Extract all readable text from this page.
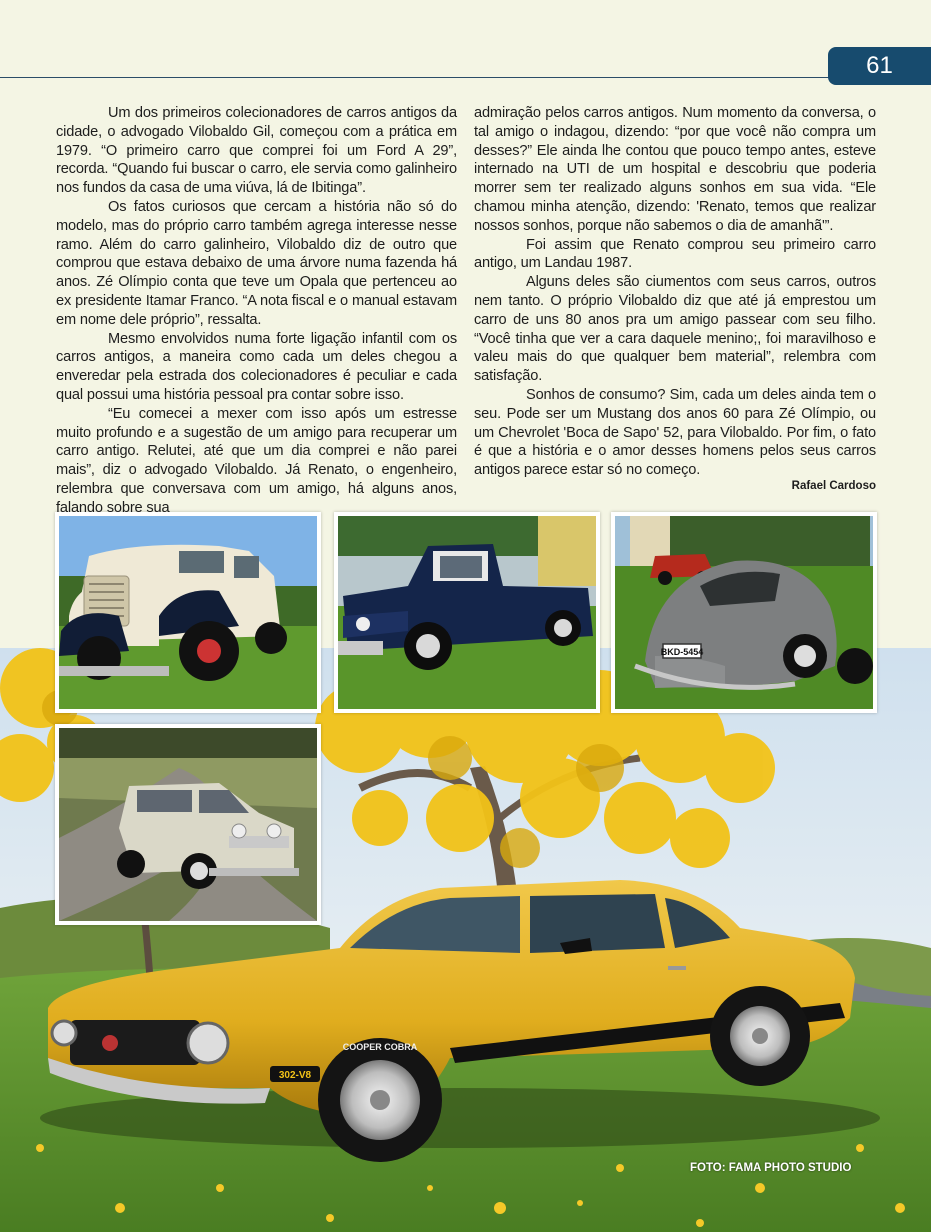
61

Um dos primeiros colecionadores de carros antigos da cidade, o advogado Vilobaldo Gil, começou com a prática em 1979. “O primeiro carro que comprei foi um Ford A 29”, recorda. “Quando fui buscar o carro, ele servia como galinheiro nos fundos da casa de uma viúva, lá de Ibitinga”.

Os fatos curiosos que cercam a história não só do modelo, mas do próprio carro também agrega interesse nesse ramo. Além do carro galinheiro, Vilobaldo diz de outro que comprou que estava debaixo de uma árvore numa fazenda há anos. Zé Olímpio conta que teve um Opala que pertenceu ao ex presidente Itamar Franco. “A nota fiscal e o manual estavam em nome dele próprio”, ressalta.

Mesmo envolvidos numa forte ligação infantil com os carros antigos, a maneira como cada um deles chegou a enveredar pela estrada dos colecionadores é peculiar e cada qual possui uma história pessoal pra contar sobre isso.

“Eu comecei a mexer com isso após um estresse muito profundo e a sugestão de um amigo para recuperar um carro antigo. Relutei, até que um dia comprei e não parei mais”, diz o advogado Vilobaldo. Já Renato, o engenheiro, relembra que conversava com um amigo, há alguns anos, falando sobre sua

admiração pelos carros antigos. Num momento da conversa, o tal amigo o indagou, dizendo: “por que você não compra um desses?” Ele ainda lhe contou que pouco tempo antes, esteve internado na UTI de um hospital e descobriu que poderia morrer sem ter realizado alguns sonhos em sua vida. “Ele chamou minha atenção, dizendo: 'Renato, temos que realizar nossos sonhos, porque não sabemos o dia de amanhã'”.

Foi assim que Renato comprou seu primeiro carro antigo, um Landau 1987.

Alguns deles são ciumentos com seus carros, outros nem tanto. O próprio Vilobaldo diz que até já emprestou um carro de uns 80 anos pra um amigo passear com seu filho. “Você tinha que ver a cara daquele menino;, foi maravilhoso e valeu mais do que qualquer bem material”, relembra com satisfação.

Sonhos de consumo? Sim, cada um deles ainda tem o seu. Pode ser um Mustang dos anos 60 para Zé Olímpio, ou um Chevrolet 'Boca de Sapo' 52, para Vilobaldo. Por fim, o fato é que a história e o amor desses homens pelos seus carros antigos parece estar só no começo.

Rafael Cardoso
302-V8
COOPER COBRA
FOTO: FAMA PHOTO STUDIO
BKD-5454
